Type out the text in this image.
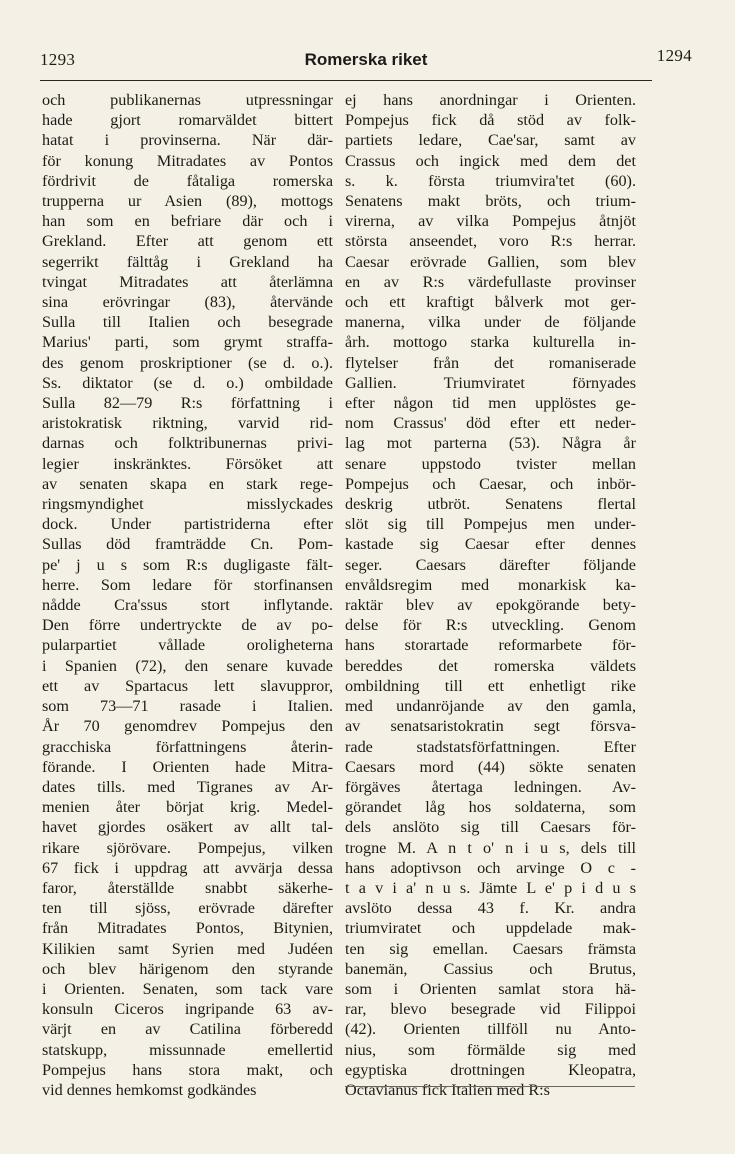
1293	Romerska riket	1294
och publikanernas utpressningar
hade gjort romarväldet bittert
hatat i provinserna. När där-
för konung Mitradates av Pontos
fördrivit de fåtaliga romerska
trupperna ur Asien (89), mottogs
han som en befriare där och i
Grekland. Efter att genom ett
segerrikt fälttåg i Grekland ha
tvingat Mitradates att återlämna
sina erövringar (83), återvände
Sulla till Italien och besegrade
Marius' parti, som grymt straffa-
des genom proskriptioner (se d. o.).
Ss. diktator (se d. o.) ombildade
Sulla 82—79 R:s författning i
aristokratisk riktning, varvid rid-
darnas och folktribunernas privi-
legier inskränktes. Försöket att
av senaten skapa en stark rege-
ringsmyndighet misslyckades
dock. Under partistriderna efter
Sullas död framträdde Cn. Pom-
pe' j u s som R:s dugligaste fält-
herre. Som ledare för storfinansen
nådde Cra'ssus stort inflytande.
Den förre undertryckte de av po-
pularpartiet vållade oroligheterna
i Spanien (72), den senare kuvade
ett av Spartacus lett slavuppror,
som 73—71 rasade i Italien.
År 70 genomdrev Pompejus den
gracchiska författningens återin-
förande. I Orienten hade Mitra-
dates tills. med Tigranes av Ar-
menien åter börjat krig. Medel-
havet gjordes osäkert av allt tal-
rikare sjörövare. Pompejus, vilken
67 fick i uppdrag att avvärja dessa
faror, återställde snabbt säkerhe-
ten till sjöss, erövrade därefter
från Mitradates Pontos, Bitynien,
Kilikien samt Syrien med Judéen
och blev härigenom den styrande
i Orienten. Senaten, som tack vare
konsuln Ciceros ingripande 63 av-
värjt en av Catilina förberedd
statskupp, missunnade emellertid
Pompejus hans stora makt, och
vid dennes hemkomst godkändes
ej hans anordningar i Orienten.
Pompejus fick då stöd av folk-
partiets ledare, Cae'sar, samt av
Crassus och ingick med dem det
s. k. första triumvira'tet (60).
Senatens makt bröts, och trium-
virerna, av vilka Pompejus åtnjöt
största anseendet, voro R:s herrar.
Caesar erövrade Gallien, som blev
en av R:s värdefullaste provinser
och ett kraftigt bålverk mot ger-
manerna, vilka under de följande
årh. mottogo starka kulturella in-
flytelser från det romaniserade
Gallien. Triumviratet förnyades
efter någon tid men upplöstes ge-
nom Crassus' död efter ett neder-
lag mot parterna (53). Några år
senare uppstodo tvister mellan
Pompejus och Caesar, och inbör-
deskrig utbröt. Senatens flertal
slöt sig till Pompejus men under-
kastade sig Caesar efter dennes
seger. Caesars därefter följande
envåldsregim med monarkisk ka-
raktär blev av epokgörande bety-
delse för R:s utveckling. Genom
hans storartade reformarbete för-
bereddes det romerska väldets
ombildning till ett enhetligt rike
med undanröjande av den gamla,
av senatsaristokratin segt försva-
rade stadstatsförfattningen. Efter
Caesars mord (44) sökte senaten
förgäves återtaga ledningen. Av-
görandet låg hos soldaterna, som
dels anslöto sig till Caesars för-
trogne M. A n t o' n i u s, dels till
hans adoptivson och arvinge O c -
t a v i a' n u s. Jämte L e' p i d u s
avslöto dessa 43 f. Kr. andra
triumviratet och uppdelade mak-
ten sig emellan. Caesars främsta
banemän, Cassius och Brutus,
som i Orienten samlat stora hä-
rar, blevo besegrade vid Filippoi
(42). Orienten tillföll nu Anto-
nius, som förmälde sig med
egyptiska drottningen Kleopatra,
Octavianus fick Italien med R:s
